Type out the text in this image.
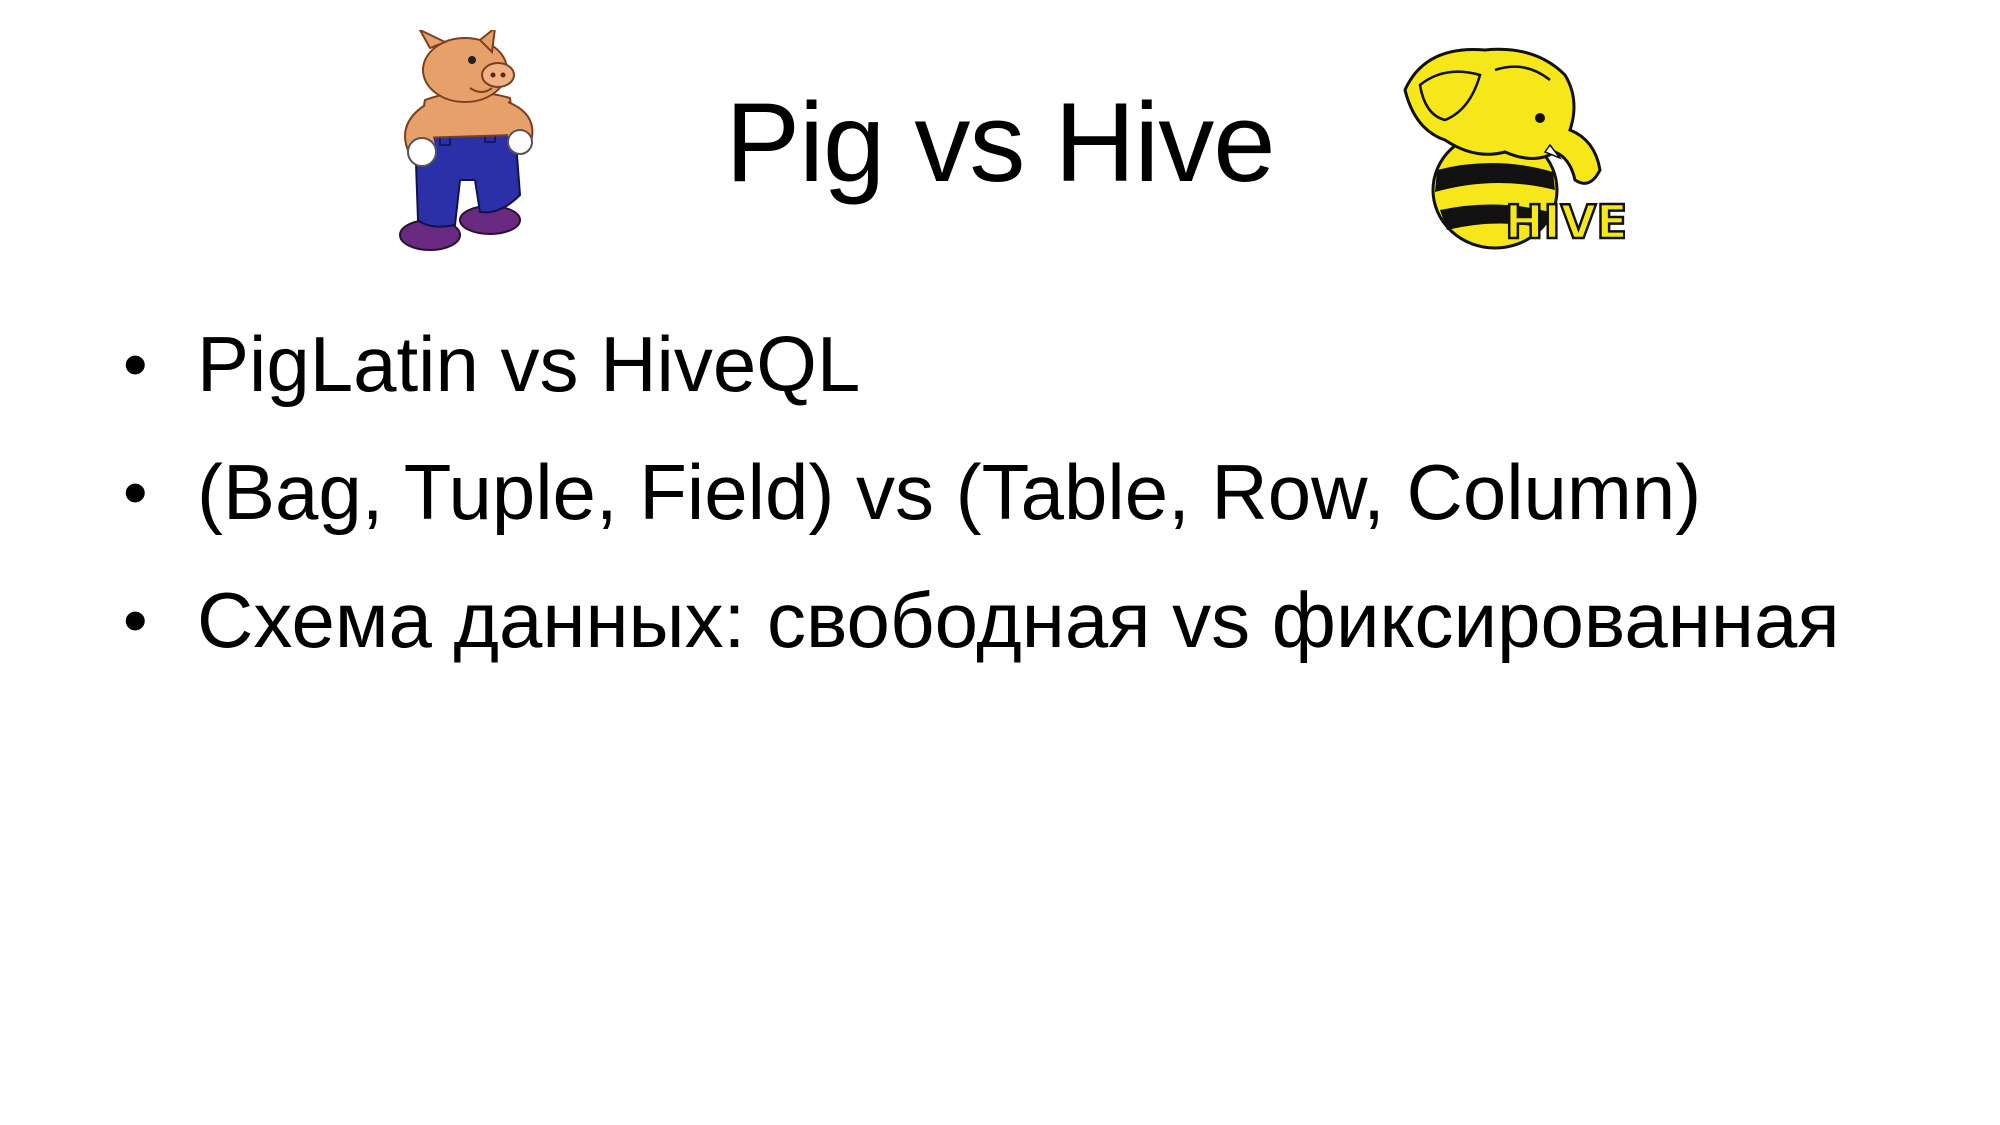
Pig vs Hive
HIVE
• PigLatin vs HiveQL
• (Bag, Tuple, Field) vs (Table, Row, Column)
• Схема данных: свободная vs фиксированная
